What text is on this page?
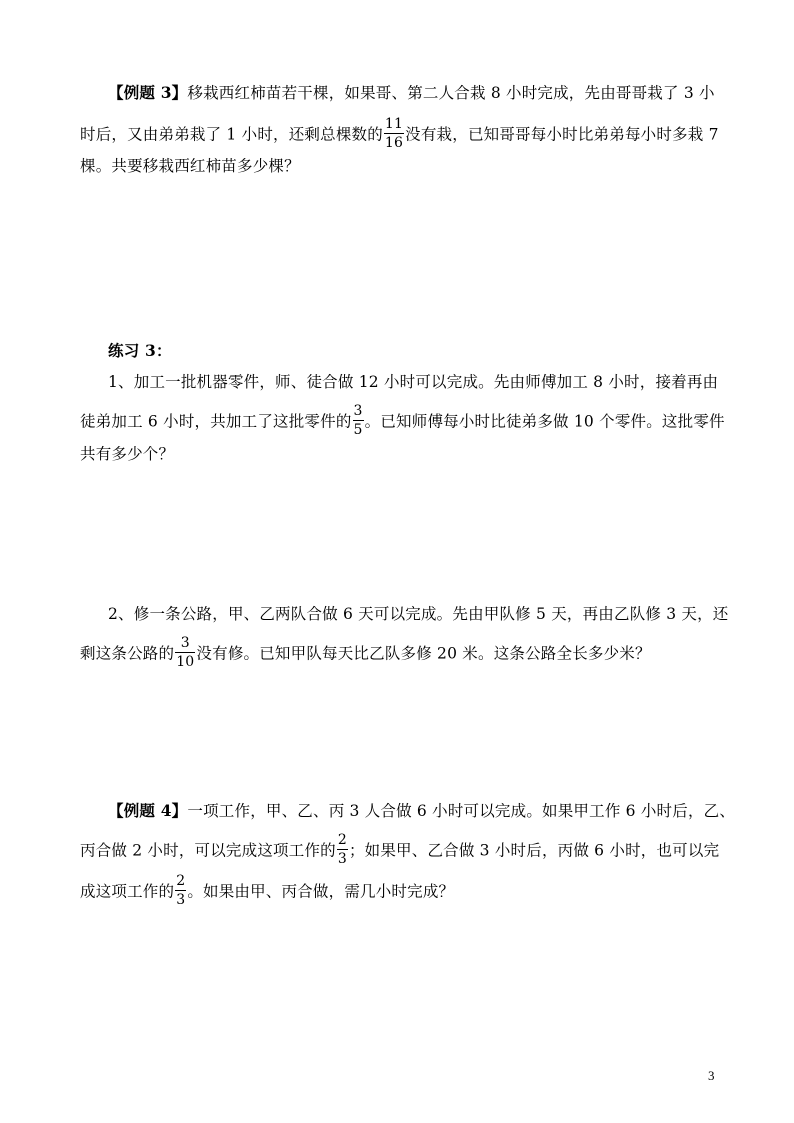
【例题 3】移栽西红柿苗若干棵，如果哥、第二人合栽 8 小时完成，先由哥哥栽了 3 小
时后，又由弟弟栽了 1 小时，还剩总棵数的 $\frac{11}{16}$ 没有栽，已知哥哥每小时比弟弟每小时多栽 7
棵。共要移栽西红柿苗多少棵？
练习 3：
1、加工一批机器零件，师、徒合做 12 小时可以完成。先由师傅加工 8 小时，接着再由
徒弟加工 6 小时，共加工了这批零件的 $\frac{3}{5}$ 。已知师傅每小时比徒弟多做 10 个零件。这批零件
共有多少个？
2、修一条公路，甲、乙两队合做 6 天可以完成。先由甲队修 5 天，再由乙队修 3 天，还
剩这条公路的 $\frac{3}{10}$ 没有修。已知甲队每天比乙队多修 20 米。这条公路全长多少米？
【例题 4】一项工作，甲、乙、丙 3 人合做 6 小时可以完成。如果甲工作 6 小时后，乙、
丙合做 2 小时，可以完成这项工作的 $\frac{2}{3}$ ；如果甲、乙合做 3 小时后，丙做 6 小时，也可以完
成这项工作的 $\frac{2}{3}$ 。如果由甲、丙合做，需几小时完成？
3
